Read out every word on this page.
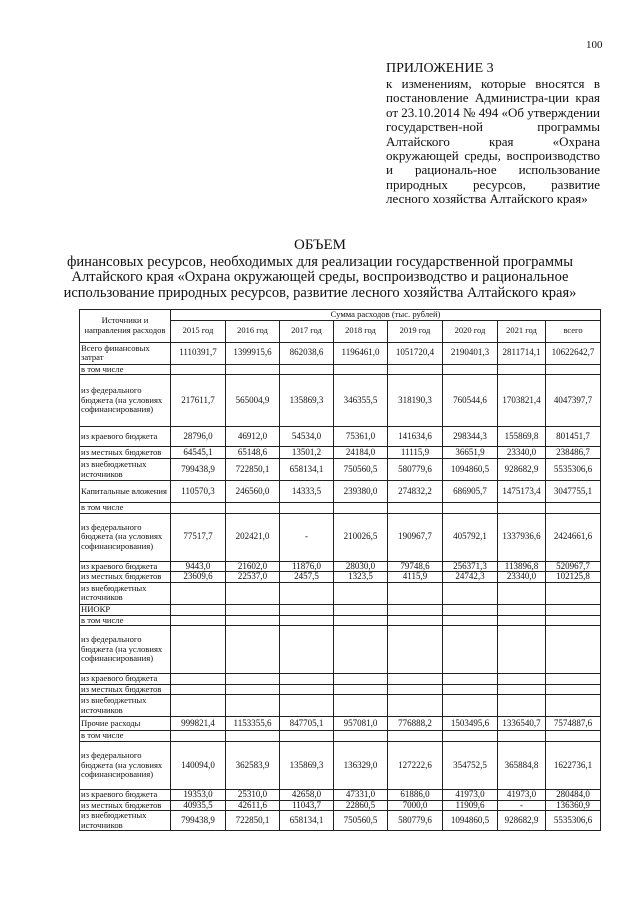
100
ПРИЛОЖЕНИЕ 3
к изменениям, которые вносятся в постановление Администра-ции края от 23.10.2014 № 494 «Об утверждении государствен-ной программы Алтайского края «Охрана окружающей среды, воспроизводство и рациональ-ное использование природных ресурсов, развитие лесного хозяйства Алтайского края»
ОБЪЕМ
финансовых ресурсов, необходимых для реализации государственной программы Алтайского края «Охрана окружающей среды, воспроизводство и рациональное использование природных ресурсов, развитие лесного хозяйства Алтайского края»
Источники и направления расходов	Сумма расходов (тыс. рублей)							
	2015 год	2016 год	2017 год	2018 год	2019 год	2020 год	2021 год	всего
Всего финансовых затрат	1110391,7	1399915,6	862038,6	1196461,0	1051720,4	2190401,3	2811714,1	10622642,7
в том числе								
из федерального бюджета (на условиях софинансирования)	217611,7	565004,9	135869,3	346355,5	318190,3	760544,6	1703821,4	4047397,7
из краевого бюджета	28796,0	46912,0	54534,0	75361,0	141634,6	298344,3	155869,8	801451,7
из местных бюджетов	64545,1	65148,6	13501,2	24184,0	11115,9	36651,9	23340,0	238486,7
из внебюджетных источников	799438,9	722850,1	658134,1	750560,5	580779,6	1094860,5	928682,9	5535306,6
Капитальные вложения	110570,3	246560,0	14333,5	239380,0	274832,2	686905,7	1475173,4	3047755,1
в том числе								
из федерального бюджета (на условиях софинансирования)	77517,7	202421,0	-	210026,5	190967,7	405792,1	1337936,6	2424661,6
из краевого бюджета	9443,0	21602,0	11876,0	28030,0	79748,6	256371,3	113896,8	520967,7
из местных бюджетов	23609,6	22537,0	2457,5	1323,5	4115,9	24742,3	23340,0	102125,8
из внебюджетных источников								
НИОКР								
в том числе								
из федерального бюджета (на условиях софинансирования)								
из краевого бюджета								
из местных бюджетов								
из внебюджетных источников								
Прочие расходы	999821,4	1153355,6	847705,1	957081,0	776888,2	1503495,6	1336540,7	7574887,6
в том числе								
из федерального бюджета (на условиях софинансирования)	140094,0	362583,9	135869,3	136329,0	127222,6	354752,5	365884,8	1622736,1
из краевого бюджета	19353,0	25310,0	42658,0	47331,0	61886,0	41973,0	41973,0	280484,0
из местных бюджетов	40935,5	42611,6	11043,7	22860,5	7000,0	11909,6	-	136360,9
из внебюджетных источников	799438,9	722850,1	658134,1	750560,5	580779,6	1094860,5	928682,9	5535306,6
